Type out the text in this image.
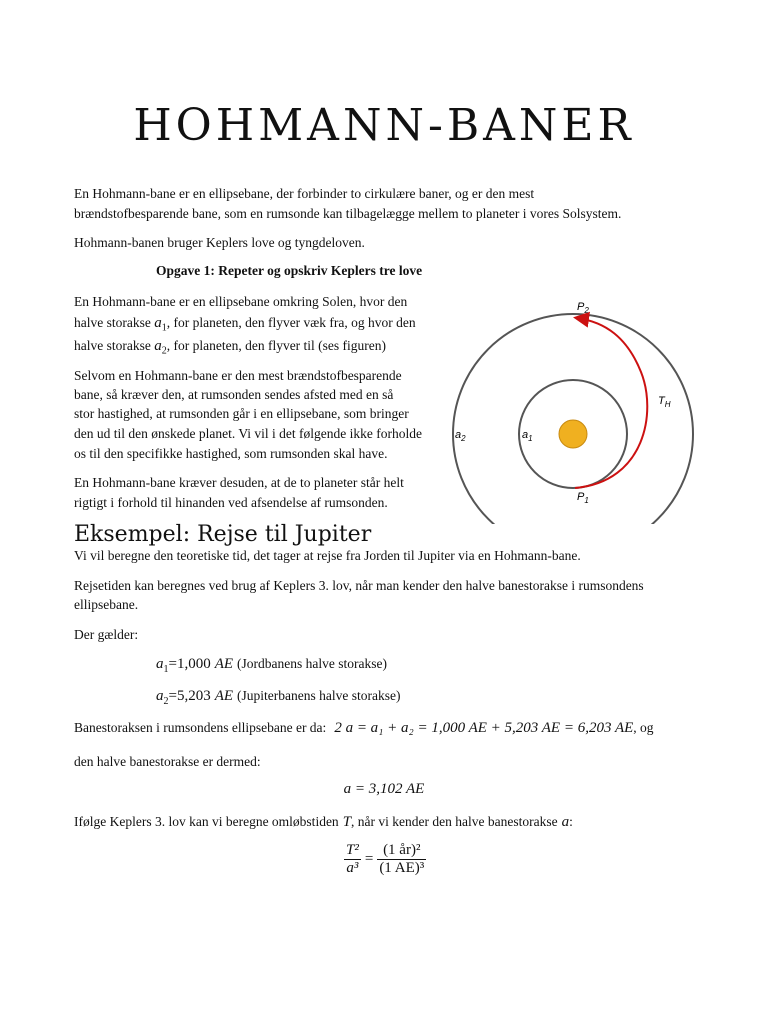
HOHMANN-BANER
En Hohmann-bane er en ellipsebane, der forbinder to cirkulære baner, og er den mest
brændstofbesparende bane, som en rumsonde kan tilbagelægge mellem to planeter i vores Solsystem.
Hohmann-banen bruger Keplers love og tyngdeloven.
Opgave 1: Repeter og opskriv Keplers tre love
En Hohmann-bane er en ellipsebane omkring Solen, hvor den
halve storakse $a_1$, for planeten, den flyver væk fra, og hvor den
halve storakse $a_2$, for planeten, den flyver til (ses figuren)
Selvom en Hohmann-bane er den mest brændstofbesparende
bane, så kræver den, at rumsonden sendes afsted med en så
stor hastighed, at rumsonden går i en ellipsebane, som bringer
den ud til den ønskede planet. Vi vil i det følgende ikke forholde
os til den specifikke hastighed, som rumsonden skal have.
En Hohmann-bane kræver desuden, at de to planeter står helt
rigtigt i forhold til hinanden ved afsendelse af rumsonden.
$P_2$
$P_1$
$T_H$
$a_2$	$a_1$
Eksempel: Rejse til Jupiter
Vi vil beregne den teoretiske tid, det tager at rejse fra Jorden til Jupiter via en Hohmann-bane.
Rejsetiden kan beregnes ved brug af Keplers 3. lov, når man kender den halve banestorakse i rumsondens
ellipsebane.
Der gælder:
$a_1=1,000$ AE (Jordbanens halve storakse)
$a_2=5,203$ AE (Jupiterbanens halve storakse)
Banestoraksen i rumsondens ellipsebane er da: 2 a = a₁ + a₂ = 1,000 AE + 5,203 AE = 6,203 AE, og
den halve banestorakse er dermed:
a = 3,102 AE
Ifølge Keplers 3. lov kan vi beregne omløbstiden T, når vi kender den halve banestorakse a:
$\frac{\text{T²}}{\text{a³}} = \frac{\text{(1 år)²}}{\text{(1 AE)³}}$
